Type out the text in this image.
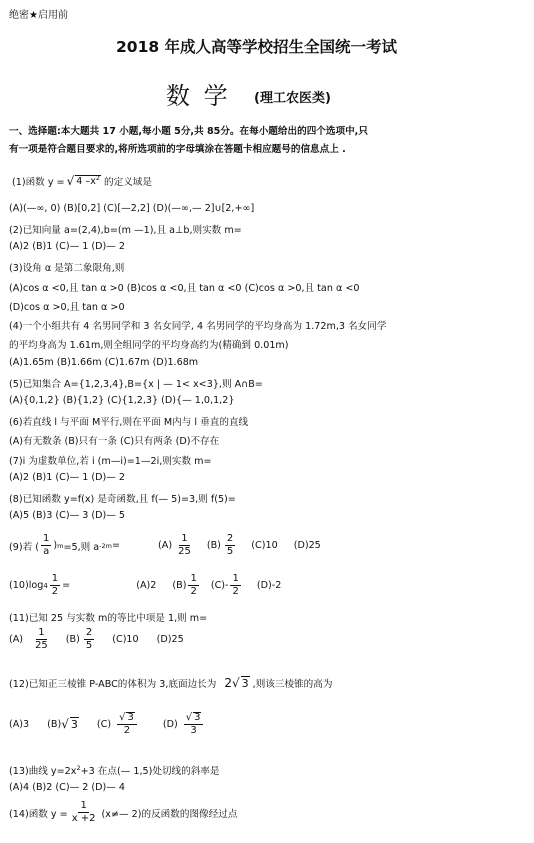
绝密★启用前
2018 年成人高等学校招生全国统一考试
数 学 (理工农医类)
一、选择题:本大题共 17 小题,每小题 5分,共 85分。在每小题给出的四个选项中,只
有一项是符合题目要求的,将所选项前的字母填涂在答题卡相应题号的信息点上 .
(1)函数 y = √ 4 $-x^2$ 的定义域是
(A)(—∞, 0) (B)[0,2] (C)[—2,2] (D)(—∞,— 2]∪[2,+∞]
(2)已知向量 a=(2,4),b=(m —1),且 a⊥b,则实数 m=
(A)2 (B)1 (C)— 1 (D)— 2
(3)设角 α 是第二象限角,则
(A)cos α <0,且 tan α >0 (B)cos α <0,且 tan α <0 (C)cos α >0,且 tan α <0
(D)cos α >0,且 tan α >0
(4)一个小组共有 4 名男同学和 3 名女同学, 4 名男同学的平均身高为 1.72m,3 名女同学
的平均身高为 1.61m,则全组同学的平均身高约为(精确到 0.01m)
(A)1.65m (B)1.66m (C)1.67m (D)1.68m
(5)已知集合 A={1,2,3,4},B={x | — 1< x<3},则 A∩B=
(A){0,1,2} (B){1,2} (C){1,2,3} (D){— 1,0,1,2}
(6)若直线 l 与平面 M平行,则在平面 M内与 l 垂直的直线
(A)有无数条 (B)只有一条 (C)只有两条 (D)不存在
(7)i 为虚数单位,若 i (m—i)=1—2i,则实数 m=
(A)2 (B)1 (C)— 1 (D)— 2
(8)已知函数 y=f(x) 是奇函数,且 f(— 5)=3,则 f(5)=
(A)5 (B)3 (C)— 3 (D)— 5
(9)若 ( $\frac{1}{a}$ ) m =5,则 a -2m =	$(A) \frac{1}{25} (B) \frac{2}{5} (C)10$ (D)25
(10)log $4 \frac{1}{2}$ =	(A)2 $(B) \frac{1}{2} (C)- \frac{1}{2} (D)-2$
(11)已知 25 与实数 m的等比中项是 1,则 m=
$(A) \frac{1}{25} (B) \frac{2}{5} (C)10$ (D)25
(12)已知正三棱锥 P-ABC的体积为 3,底面边长为 2 √ 3 ,则该三棱锥的高为
(A)3 (B) √ 3 $(C) \frac{√ 3}{2}$	$(D) \frac{√ 3}{3}$
(13)曲线 $y=2x^2+3$ 在点(— 1,5)处切线的斜率是
(A)4 (B)2 (C)— 2 (D)— 4
(14)函数 $y = \frac{1}{x +2}$ (x≠— 2)的反函数的图像经过点
